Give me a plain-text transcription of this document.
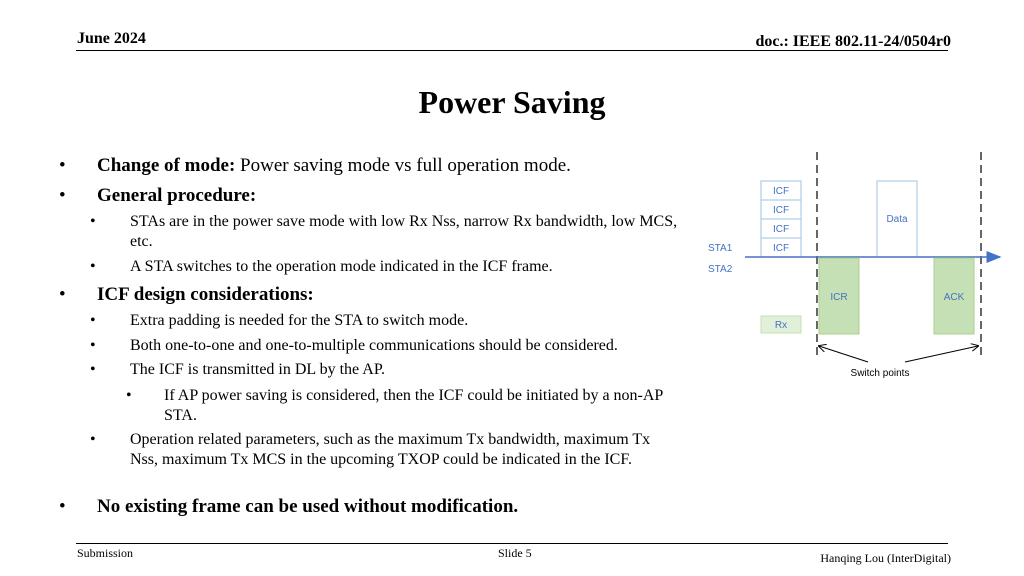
June 2024	doc.: IEEE 802.11-24/0504r0
Power Saving
• Change of mode: Power saving mode vs full operation mode.
• General procedure:
• STAs are in the power save mode with low Rx Nss, narrow Rx bandwidth, low MCS, etc.
• A STA switches to the operation mode indicated in the ICF frame.
• ICF design considerations:
• Extra padding is needed for the STA to switch mode.
• Both one-to-one and one-to-multiple communications should be considered.
• The ICF is transmitted in DL by the AP.
• If AP power saving is considered, then the ICF could be initiated by a non-AP STA.
• Operation related parameters, such as the maximum Tx bandwidth, maximum Tx Nss, maximum Tx MCS in the upcoming TXOP could be indicated in the ICF.
• No existing frame can be used without modification.
ICF
ICF
ICF
ICF
Data
STA1
STA2
ICR	ACK
Rx
Switch points
Submission	Slide 5	Hanqing Lou (InterDigital)
